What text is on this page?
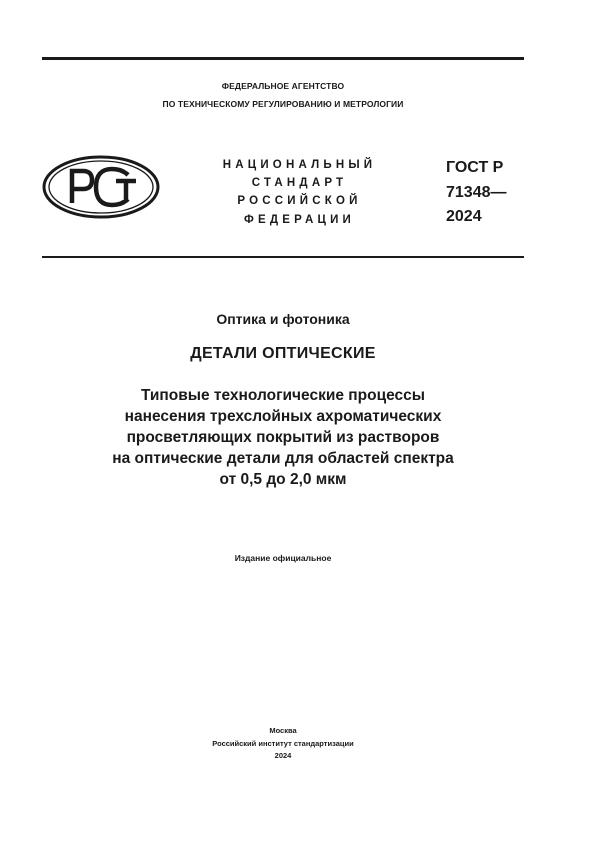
ФЕДЕРАЛЬНОЕ АГЕНТСТВО
ПО ТЕХНИЧЕСКОМУ РЕГУЛИРОВАНИЮ И МЕТРОЛОГИИ
НАЦИОНАЛЬНЫЙ
СТАНДАРТ
РОССИЙСКОЙ
ФЕДЕРАЦИИ
ГОСТ Р
71348—
2024
Оптика и фотоника
ДЕТАЛИ ОПТИЧЕСКИЕ
Типовые технологические процессы
нанесения трехслойных ахроматических
просветляющих покрытий из растворов
на оптические детали для областей спектра
от 0,5 до 2,0 мкм
Издание официальное
Москва
Российский институт стандартизации
2024
